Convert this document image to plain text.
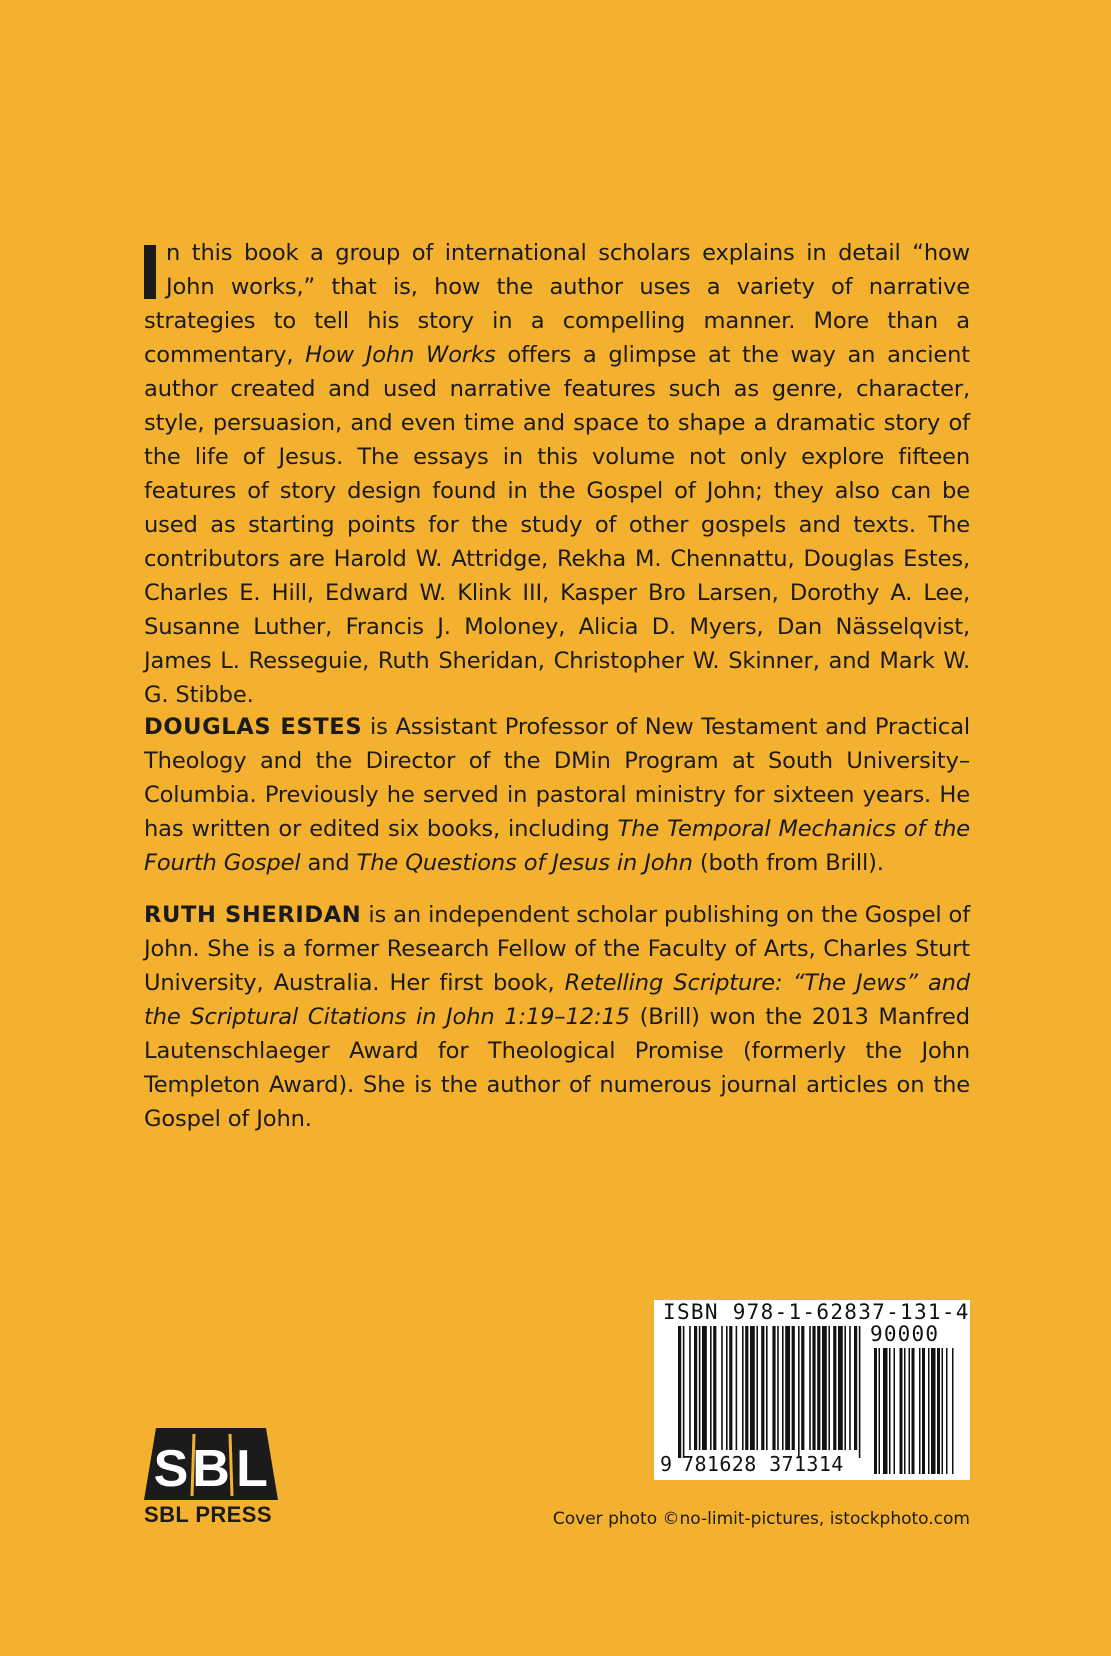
n this book a group of international scholars explains in detail “how John works,” that is, how the author uses a variety of narrative strategies to tell his story in a compelling manner. More than a commentary, How John Works offers a glimpse at the way an ancient author created and used narrative features such as genre, character, style, persuasion, and even time and space to shape a dramatic story of the life of Jesus. The essays in this volume not only explore fifteen features of story design found in the Gospel of John; they also can be used as starting points for the study of other gospels and texts. The contributors are Harold W. Attridge, Rekha M. Chennattu, Douglas Estes, Charles E. Hill, Edward W. Klink III, Kasper Bro Larsen, Dorothy A. Lee, Susanne Luther, Francis J. Moloney, Alicia D. Myers, Dan Nässelqvist, James L. Resseguie, Ruth Sheridan, Christopher W. Skinner, and Mark W. G. Stibbe.

DOUGLAS ESTES is Assistant Professor of New Testament and Practical Theology and the Director of the DMin Program at South University–Columbia. Previously he served in pastoral ministry for sixteen years. He has written or edited six books, including The Temporal Mechanics of the Fourth Gospel and The Questions of Jesus in John (both from Brill).

RUTH SHERIDAN is an independent scholar publishing on the Gospel of John. She is a former Research Fellow of the Faculty of Arts, Charles Sturt University, Australia. Her first book, Retelling Scripture: “The Jews” and the Scriptural Citations in John 1:19–12:15 (Brill) won the 2013 Manfred Lautenschlaeger Award for Theological Promise (formerly the John Templeton Award). She is the author of numerous journal articles on the Gospel of John.

ISBN 978-1-62837-131-4
90000
9 781628 371314
S B L
SBL PRESS	Cover photo ©no-limit-pictures, istockphoto.com
